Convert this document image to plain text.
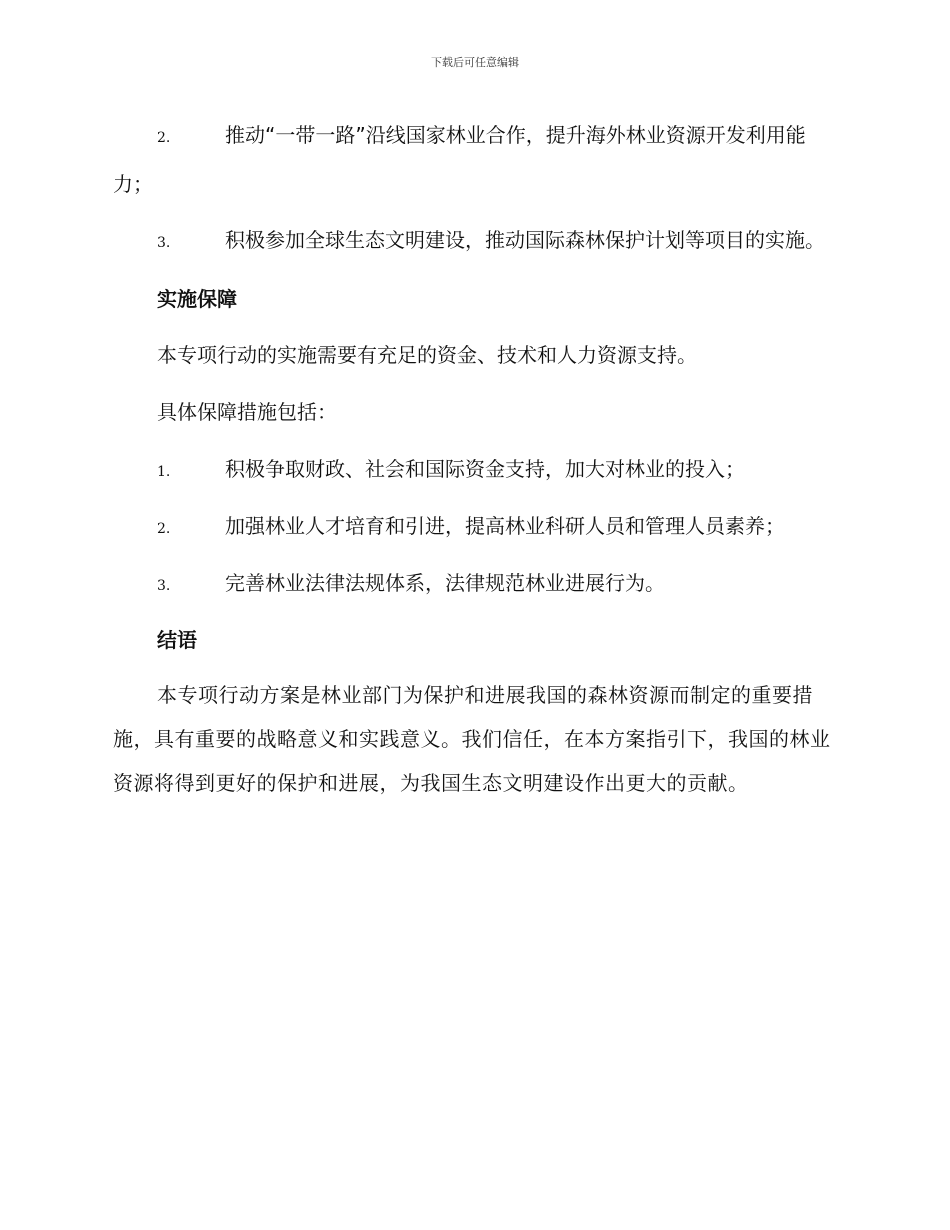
下载后可任意编辑
2.	推动“一带一路”沿线国家林业合作，提升海外林业资源开发利用能力；
3.	积极参加全球生态文明建设，推动国际森林保护计划等项目的实施。
实施保障
本专项行动的实施需要有充足的资金、技术和人力资源支持。
具体保障措施包括：
1.	积极争取财政、社会和国际资金支持，加大对林业的投入；
2.	加强林业人才培育和引进，提高林业科研人员和管理人员素养；
3.	完善林业法律法规体系，法律规范林业进展行为。
结语
本专项行动方案是林业部门为保护和进展我国的森林资源而制定的重要措施，具有重要的战略意义和实践意义。我们信任，在本方案指引下，我国的林业资源将得到更好的保护和进展，为我国生态文明建设作出更大的贡献。
